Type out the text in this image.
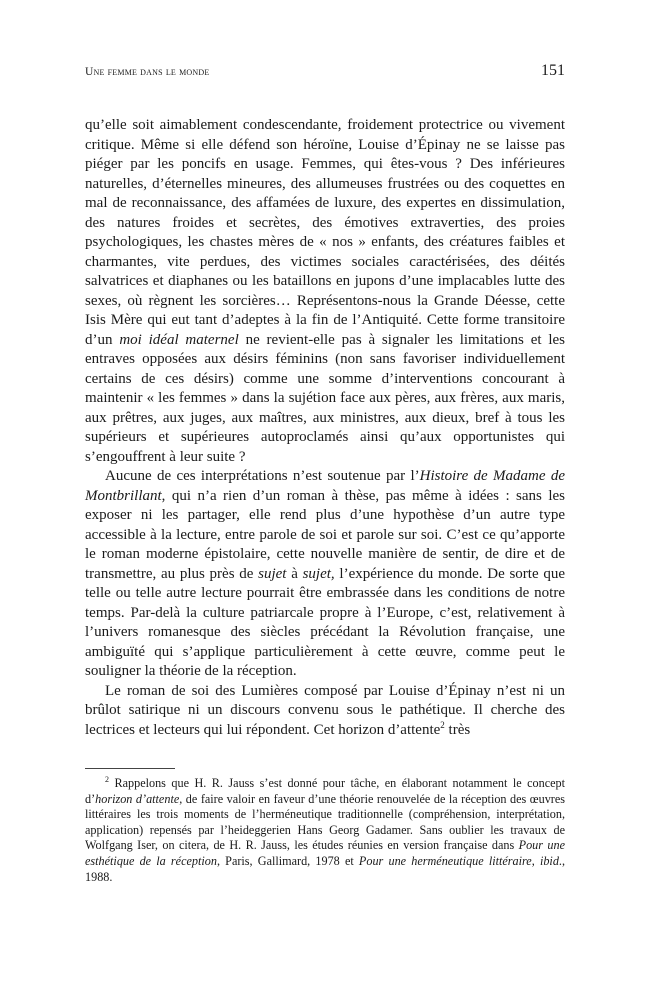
Une femme dans le monde	151

qu’elle soit aimablement condescendante, froidement protectrice ou vivement critique. Même si elle défend son héroïne, Louise d’Épinay ne se laisse pas piéger par les poncifs en usage. Femmes, qui êtes-vous ? Des inférieures naturelles, d’éternelles mineures, des allumeuses frustrées ou des coquettes en mal de reconnaissance, des affamées de luxure, des expertes en dissimulation, des natures froides et secrètes, des émotives extraverties, des proies psychologiques, les chastes mères de « nos » enfants, des créatures faibles et charmantes, vite perdues, des victimes sociales caractérisées, des déités salvatrices et diaphanes ou les bataillons en jupons d’une implacables lutte des sexes, où règnent les sorcières… Représentons-nous la Grande Déesse, cette Isis Mère qui eut tant d’adeptes à la fin de l’Antiquité. Cette forme transitoire d’un moi idéal maternel ne revient-elle pas à signaler les limitations et les entraves opposées aux désirs féminins (non sans favoriser individuellement certains de ces désirs) comme une somme d’interventions concourant à maintenir « les femmes » dans la sujétion face aux pères, aux frères, aux maris, aux prêtres, aux juges, aux maîtres, aux ministres, aux dieux, bref à tous les supérieurs et supérieures autoproclamés ainsi qu’aux opportunistes qui s’engouffrent à leur suite ?

Aucune de ces interprétations n’est soutenue par l’Histoire de Madame de Montbrillant, qui n’a rien d’un roman à thèse, pas même à idées : sans les exposer ni les partager, elle rend plus d’une hypothèse d’un autre type accessible à la lecture, entre parole de soi et parole sur soi. C’est ce qu’apporte le roman moderne épistolaire, cette nouvelle manière de sentir, de dire et de transmettre, au plus près de sujet à sujet, l’expérience du monde. De sorte que telle ou telle autre lecture pourrait être embrassée dans les conditions de notre temps. Par-delà la culture patriarcale propre à l’Europe, c’est, relativement à l’univers romanesque des siècles précédant la Révolution française, une ambiguïté qui s’applique particulièrement à cette œuvre, comme peut le souligner la théorie de la réception.

Le roman de soi des Lumières composé par Louise d’Épinay n’est ni un brûlot satirique ni un discours convenu sous le pathétique. Il cherche des lectrices et lecteurs qui lui répondent. Cet horizon d’attente$^2$ très

$^2$ Rappelons que H. R. Jauss s’est donné pour tâche, en élaborant notamment le concept d’horizon d’attente, de faire valoir en faveur d’une théorie renouvelée de la réception des œuvres littéraires les trois moments de l’herméneutique traditionnelle (compréhension, interprétation, application) repensés par l’heideggerien Hans Georg Gadamer. Sans oublier les travaux de Wolfgang Iser, on citera, de H. R. Jauss, les études réunies en version française dans Pour une esthétique de la réception, Paris, Gallimard, 1978 et Pour une herméneutique littéraire, ibid., 1988.
